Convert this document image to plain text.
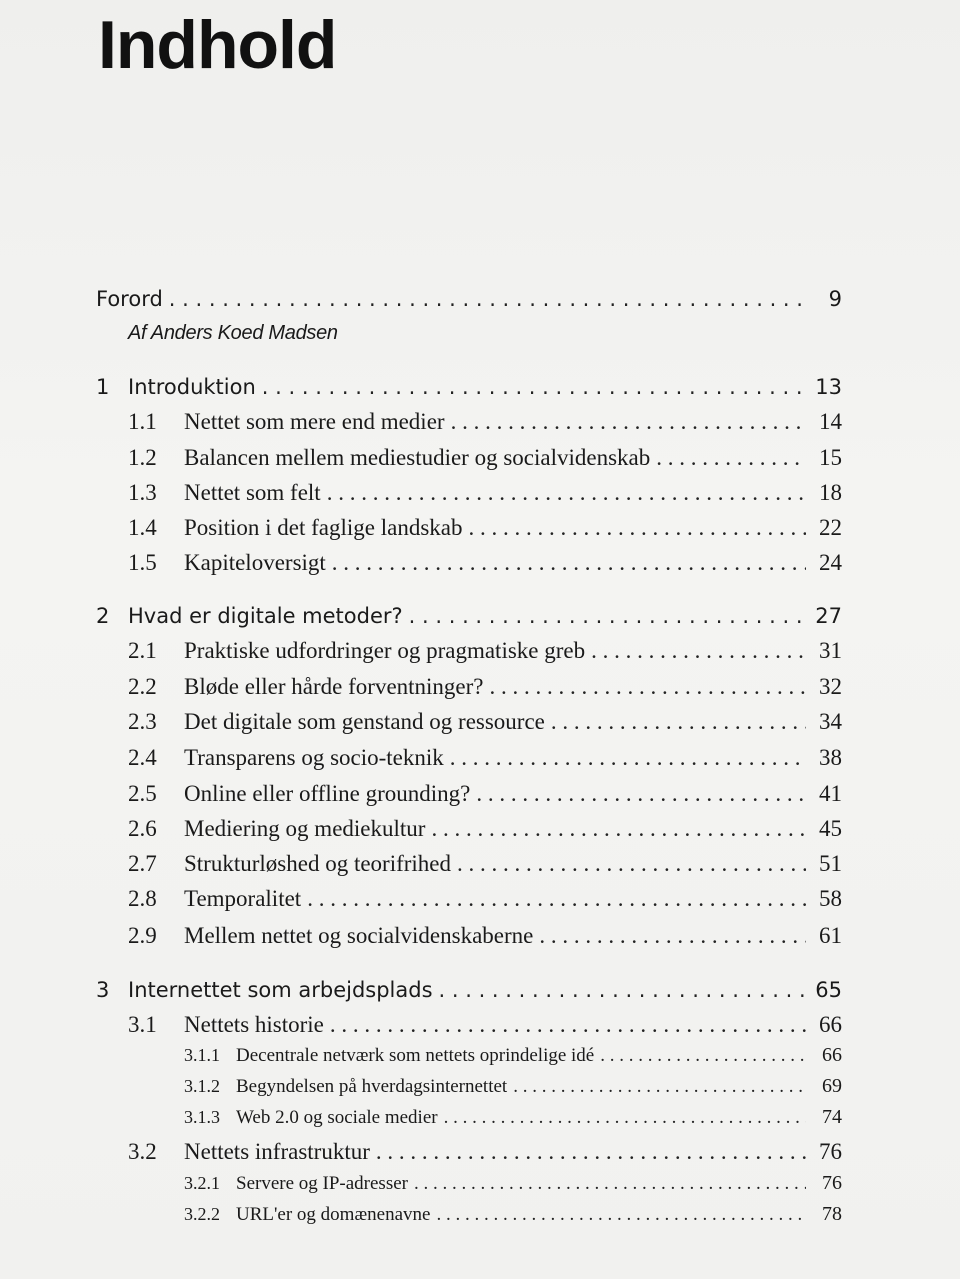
Indhold
Forord . . .	9
Af Anders Koed Madsen
1 Introduktion . . .	13
1.1	Nettet som mere end medier . . .	14
1.2	Balancen mellem mediestudier og socialvidenskab . . .	15
1.3	Nettet som felt . . .	18
1.4	Position i det faglige landskab . . .	22
1.5	Kapiteloversigt . . .	24
2 Hvad er digitale metoder? . . .	27
2.1	Praktiske udfordringer og pragmatiske greb . . .	31
2.2	Bløde eller hårde forventninger? . . .	32
2.3	Det digitale som genstand og ressource . . .	34
2.4	Transparens og socio-teknik . . .	38
2.5	Online eller offline grounding? . . .	41
2.6	Mediering og mediekultur . . .	45
2.7	Strukturløshed og teorifrihed . . .	51
2.8	Temporalitet . . .	58
2.9	Mellem nettet og socialvidenskaberne . . .	61
3 Internettet som arbejdsplads . . .	65
3.1	Nettets historie . . .	66
3.1.1 Decentrale netværk som nettets oprindelige idé . . .	66
3.1.2 Begyndelsen på hverdagsinternettet . . .	69
3.1.3 Web 2.0 og sociale medier . . .	74
3.2	Nettets infrastruktur . . .	76
3.2.1 Servere og IP-adresser . . .	76
3.2.2 URL'er og domænenavne . . .	78
